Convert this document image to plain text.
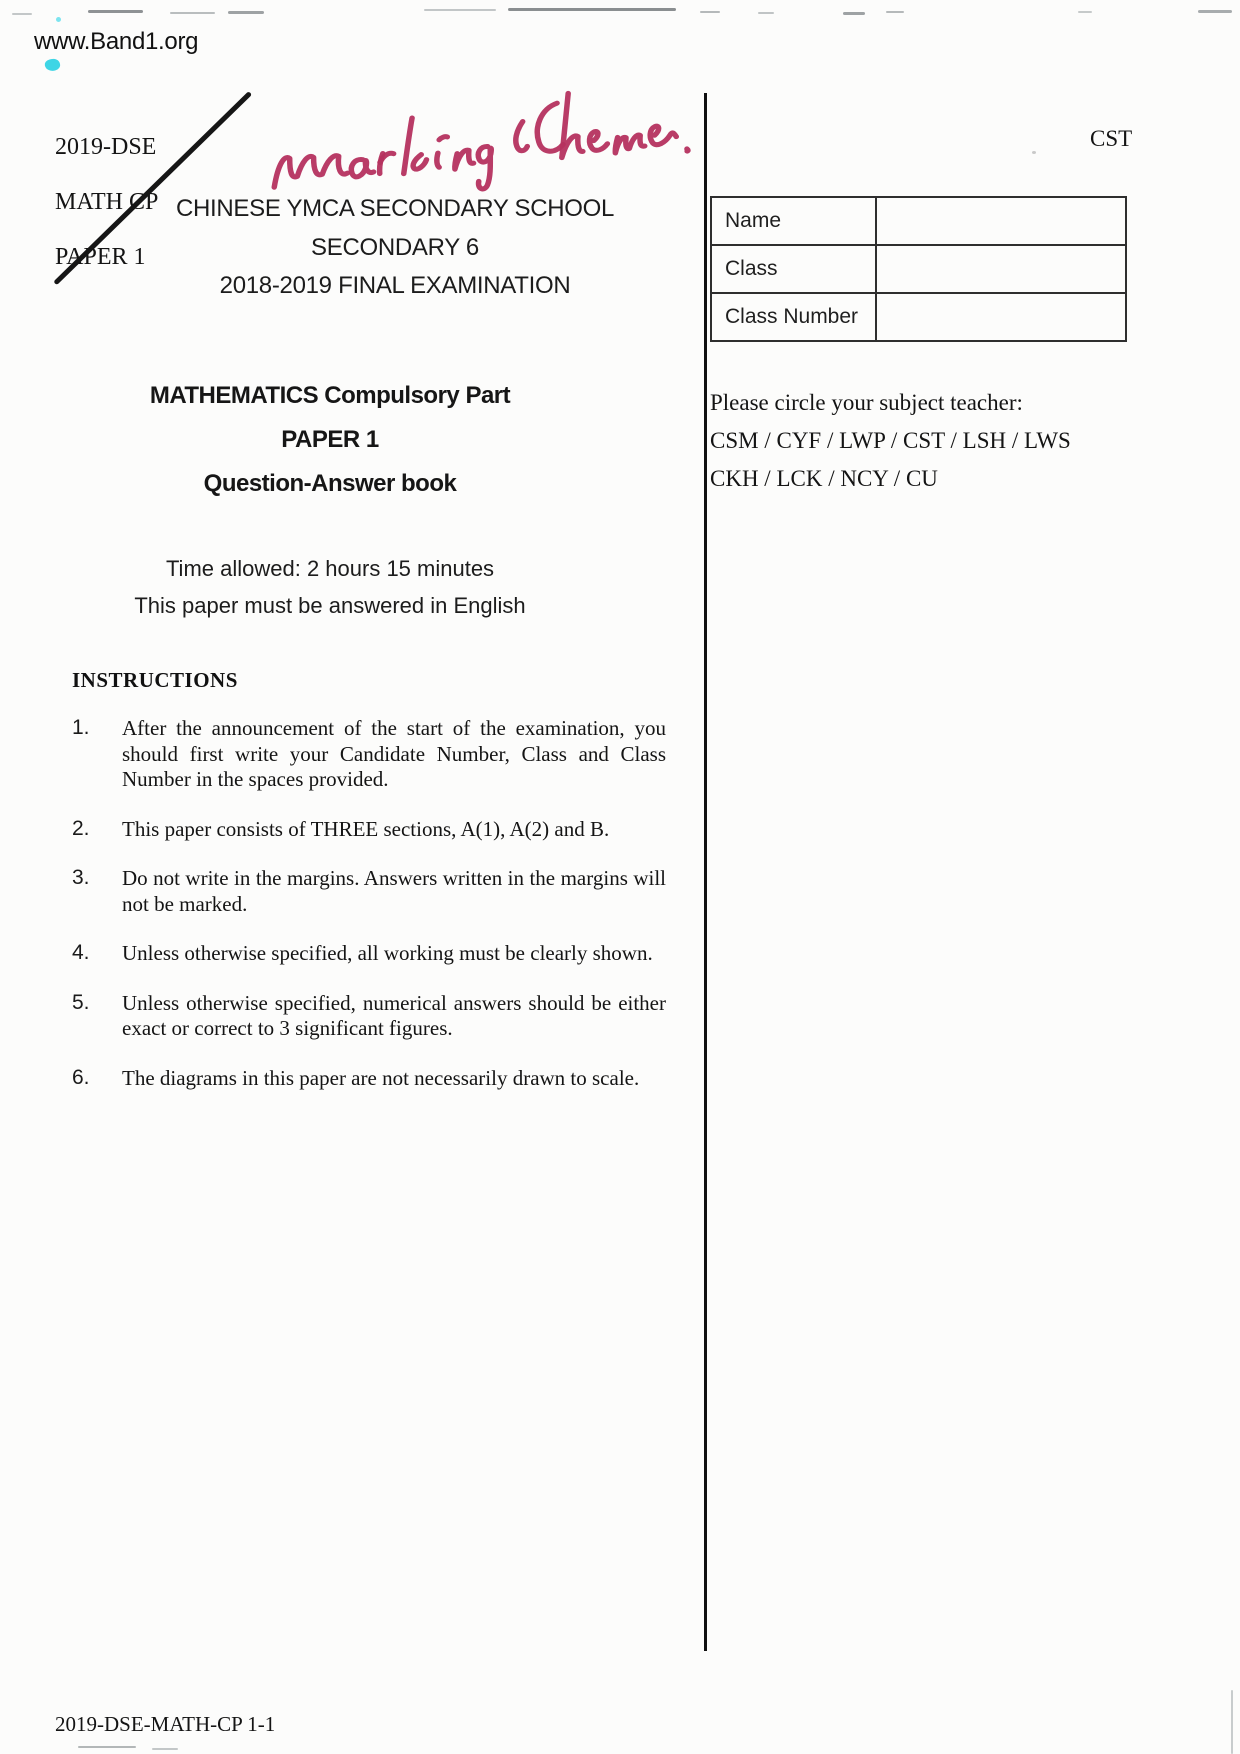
www.Band1.org

2019-DSE

MATH CP

PAPER 1

CHINESE YMCA SECONDARY SCHOOL
SECONDARY 6
2018-2019 FINAL EXAMINATION
MATHEMATICS Compulsory Part
PAPER 1
Question-Answer book
Time allowed: 2 hours 15 minutes
This paper must be answered in English
INSTRUCTIONS
1.	After the announcement of the start of the examination, you should first write your Candidate Number, Class and Class Number in the spaces provided.
2.	This paper consists of THREE sections, A(1), A(2) and B.
3.	Do not write in the margins. Answers written in the margins will not be marked.
4.	Unless otherwise specified, all working must be clearly shown.
5.	Unless otherwise specified, numerical answers should be either exact or correct to 3 significant figures.
6.	The diagrams in this paper are not necessarily drawn to scale.
CST
Name
Class
Class Number
Please circle your subject teacher:
CSM / CYF / LWP / CST / LSH / LWS
CKH / LCK / NCY / CU
2019-DSE-MATH-CP 1-1
